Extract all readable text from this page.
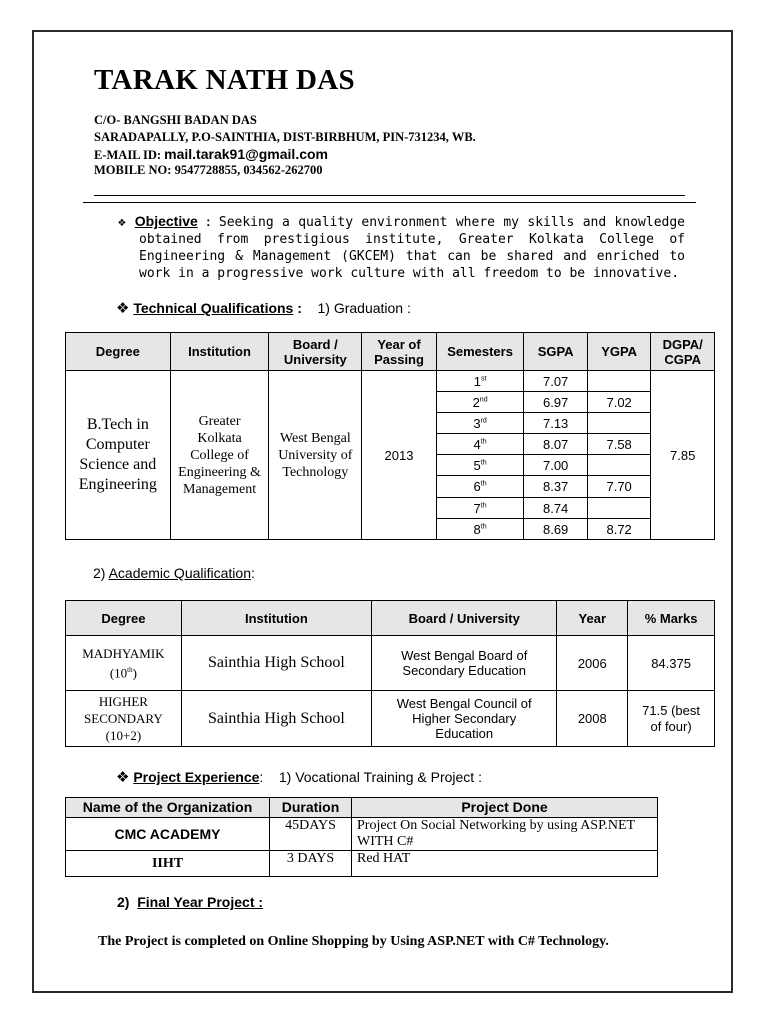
TARAK NATH DAS
C/O- BANGSHI BADAN DAS
SARADAPALLY, P.O-SAINTHIA, DIST-BIRBHUM, PIN-731234, WB.
E-MAIL ID: mail.tarak91@gmail.com
MOBILE NO: 9547728855, 034562-262700
❖ Objective : Seeking a quality environment where my skills and knowledge obtained from prestigious institute, Greater Kolkata College of Engineering & Management (GKCEM) that can be shared and enriched to work in a progressive work culture with all freedom to be innovative.
❖ Technical Qualifications : 1) Graduation :
Degree	Institution	Board / University	Year of Passing	Semesters	SGPA	YGPA	DGPA/ CGPA
B.Tech in Computer Science and Engineering	Greater Kolkata College of Engineering & Management	West Bengal University of Technology	2013	1st	7.07		7.85
				2nd	6.97	7.02	
				3rd	7.13		
				4th	8.07	7.58	
				5th	7.00		
				6th	8.37	7.70	
				7th	8.74		
				8th	8.69	8.72	
2) Academic Qualification:
Degree	Institution	Board / University	Year	% Marks
MADHYAMIK
(10th)	Sainthia High School	West Bengal Board of Secondary Education	2006	84.375
HIGHER SECONDARY
(10+2)	Sainthia High School	West Bengal Council of Higher Secondary Education	2008	71.5 (best of four)
❖ Project Experience:    1) Vocational Training & Project :
Name of the Organization	Duration	Project Done
CMC ACADEMY	45DAYS	Project On Social Networking by using ASP.NET WITH C#
IIHT	3 DAYS	Red HAT
2) Final Year Project :
The Project is completed on Online Shopping by Using ASP.NET with C# Technology.
